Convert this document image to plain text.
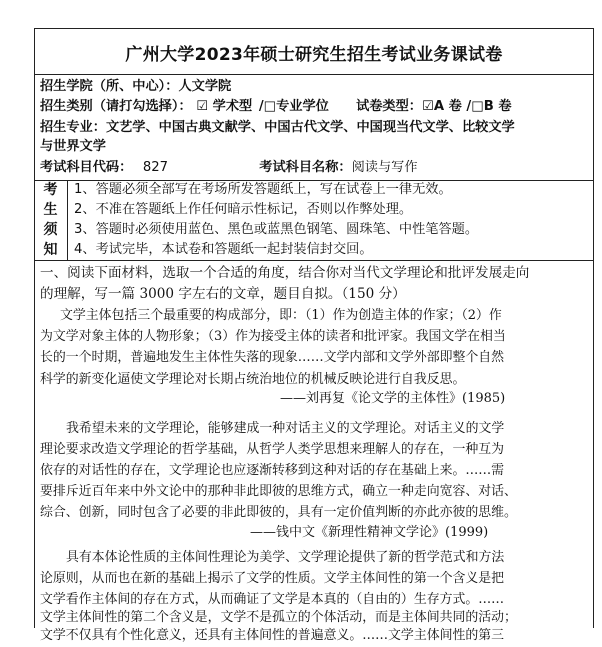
广州大学2023年硕士研究生招生考试业务课试卷
招生学院（所、中心）：人文学院
招生类别（请打勾选择）： ☑ 学术型 /□专业学位 试卷类型：☑A 卷 /□B 卷
招生专业：文艺学、中国古典文献学、中国古代文学、中国现当代文学、比较文学
与世界文学
考试科目代码： 827	考试科目名称：阅读与写作
考
生
须
知
1、答题必须全部写在考场所发答题纸上，写在试卷上一律无效。
2、不准在答题纸上作任何暗示性标记，否则以作弊处理。
3、答题时必须使用蓝色、黑色或蓝黑色钢笔、圆珠笔、中性笔答题。
4、考试完毕，本试卷和答题纸一起封装信封交回。
一、阅读下面材料，选取一个合适的角度，结合你对当代文学理论和批评发展走向
的理解，写一篇 3000 字左右的文章，题目自拟。（150 分）
文学主体包括三个最重要的构成部分，即：（1）作为创造主体的作家；（2）作
为文学对象主体的人物形象；（3）作为接受主体的读者和批评家。我国文学在相当
长的一个时期，普遍地发生主体性失落的现象……文学内部和文学外部即整个自然
科学的新变化逼使文学理论对长期占统治地位的机械反映论进行自我反思。
——刘再复《论文学的主体性》(1985)
我希望未来的文学理论，能够建成一种对话主义的文学理论。对话主义的文学
理论要求改造文学理论的哲学基础，从哲学人类学思想来理解人的存在，一种互为
依存的对话性的存在，文学理论也应逐渐转移到这种对话的存在基础上来。……需
要排斥近百年来中外文论中的那种非此即彼的思维方式，确立一种走向宽容、对话、
综合、创新，同时包含了必要的非此即彼的，具有一定价值判断的亦此亦彼的思维。
——钱中文《新理性精神文学论》(1999)
具有本体论性质的主体间性理论为美学、文学理论提供了新的哲学范式和方法
论原则，从而也在新的基础上揭示了文学的性质。文学主体间性的第一个含义是把
文学看作主体间的存在方式，从而确证了文学是本真的（自由的）生存方式。……
文学主体间性的第二个含义是，文学不是孤立的个体活动，而是主体间共同的活动；
文学不仅具有个性化意义，还具有主体间性的普遍意义。……文学主体间性的第三
